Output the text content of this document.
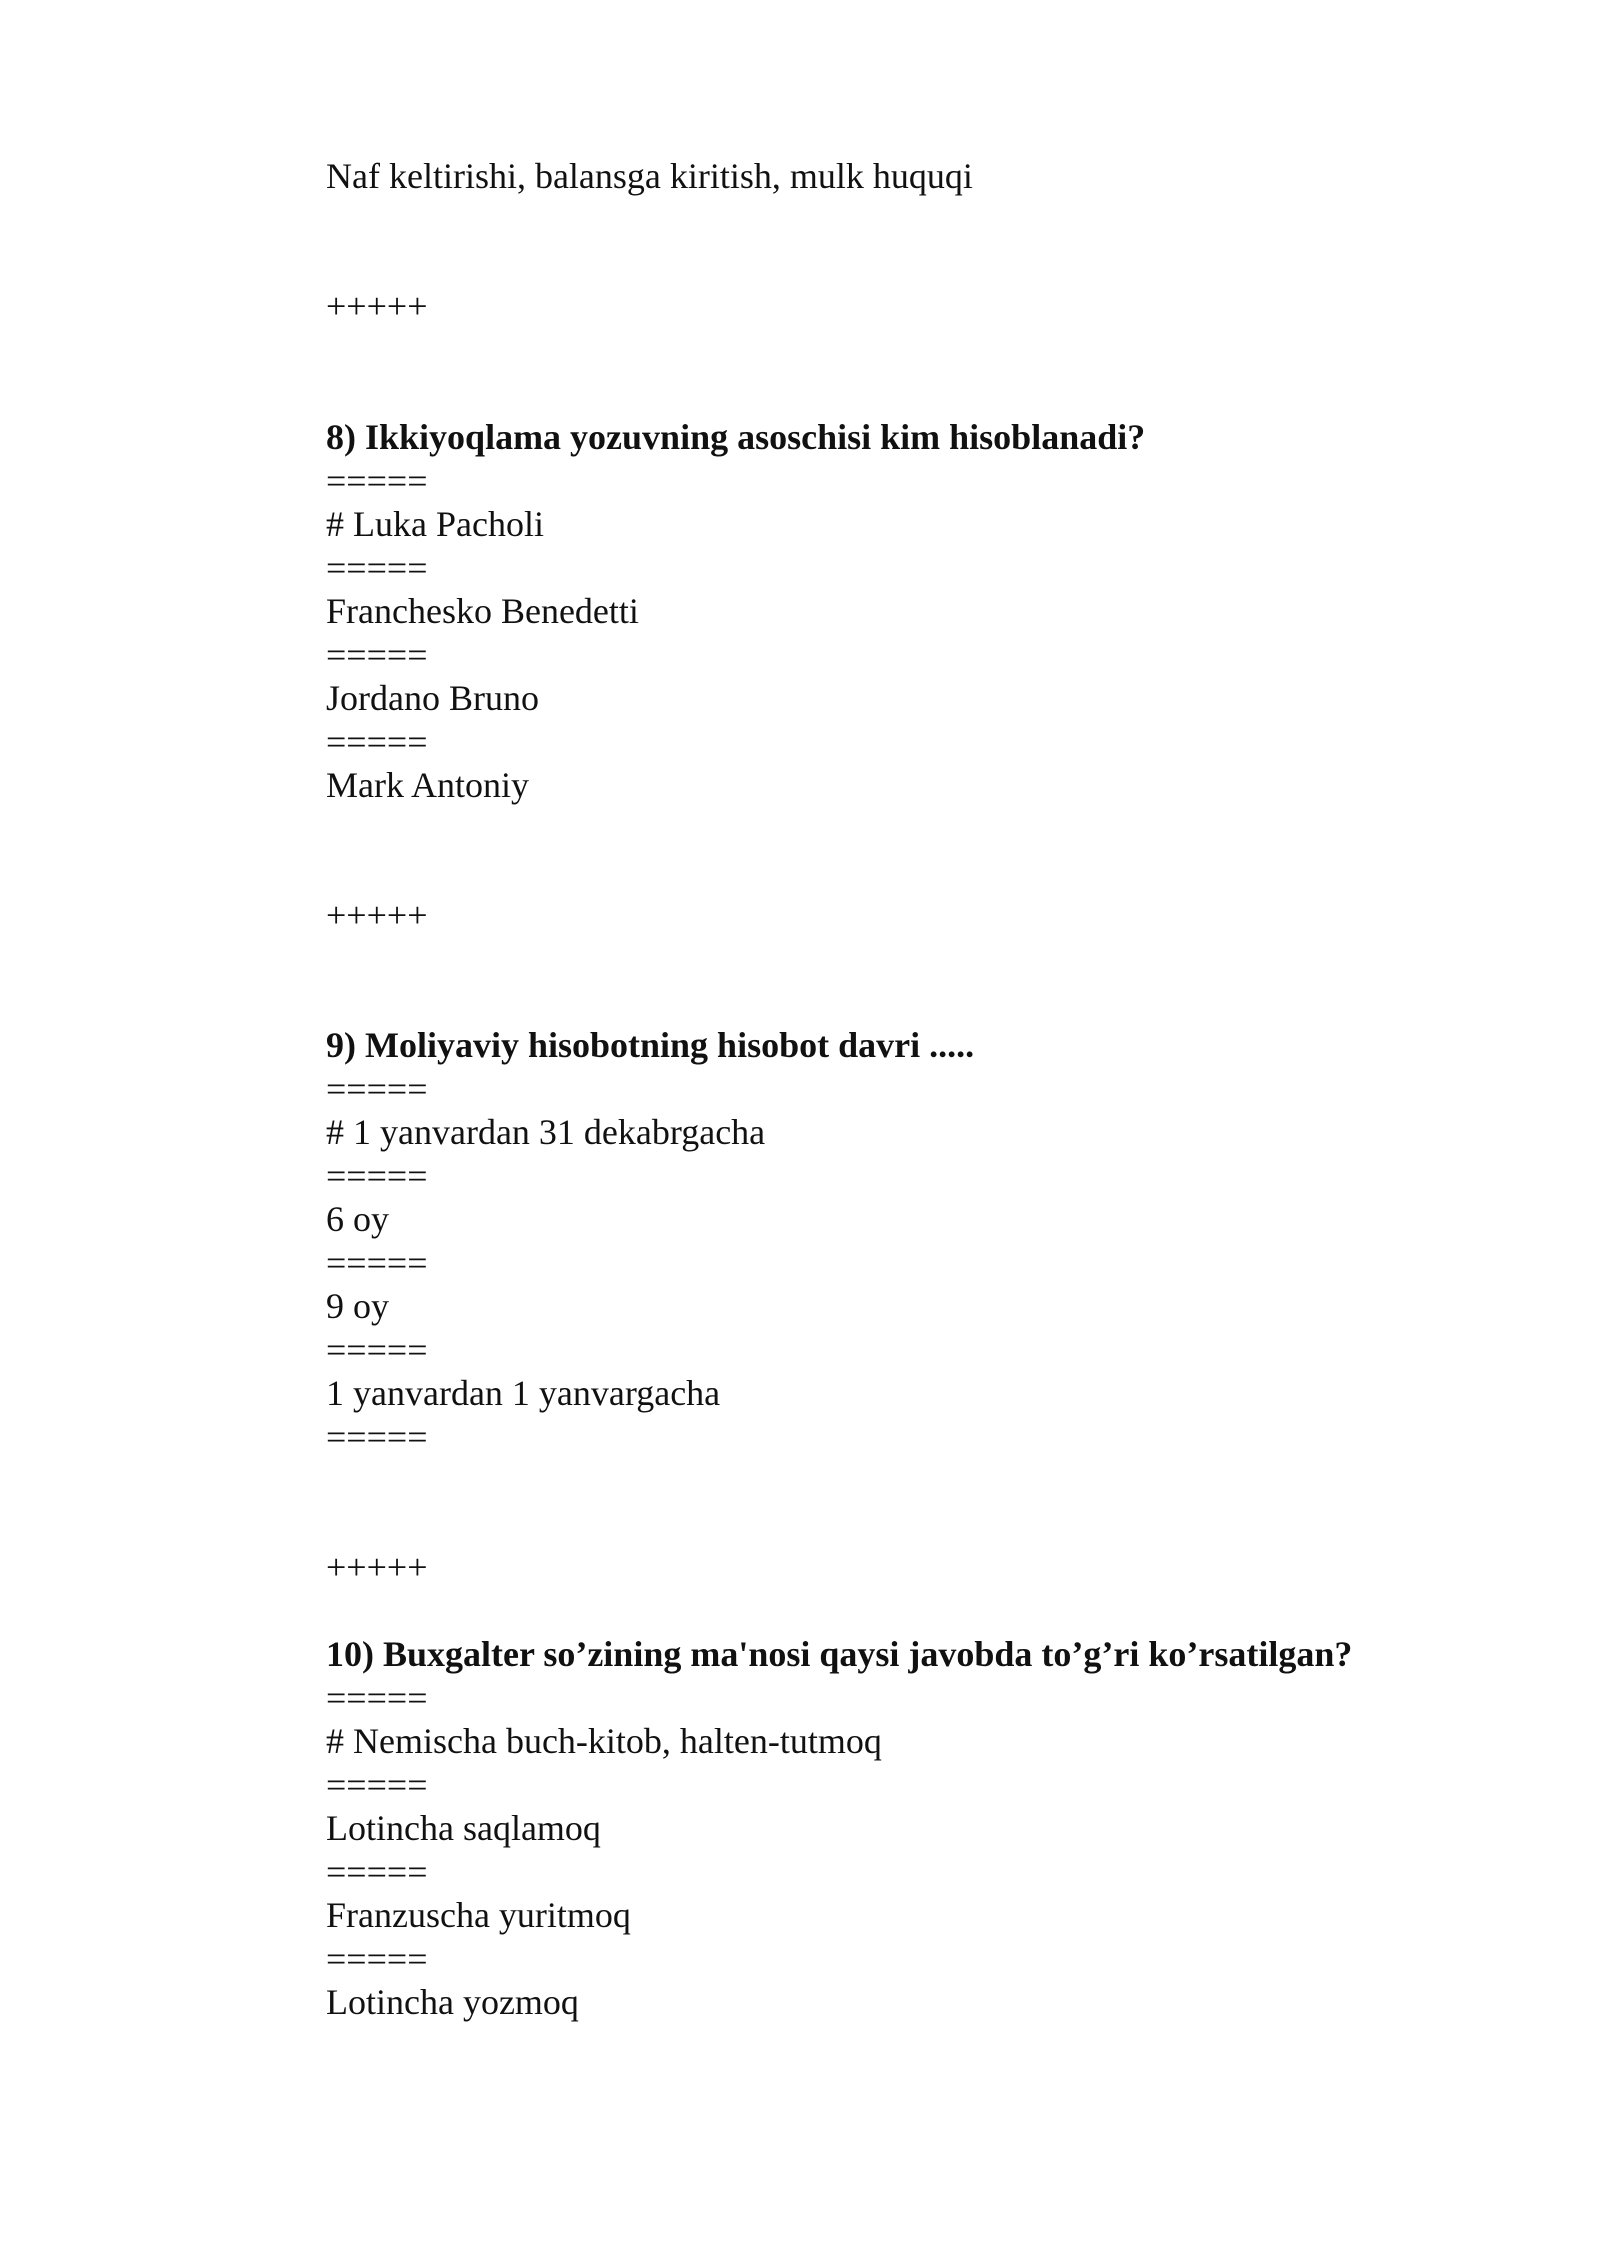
Naf keltirishi, balansga kiritish, mulk huquqi
+++++
8) Ikkiyoqlama yozuvning asoschisi kim hisoblanadi?
=====
# Luka Pacholi
=====
Franchesko Benedetti
=====
Jordano Bruno
=====
Mark Antoniy
+++++
9) Moliyaviy hisobotning hisobot davri .....
=====
# 1 yanvardan 31 dekabrgacha
=====
6 oy
=====
9 oy
=====
1 yanvardan 1 yanvargacha
=====
+++++
10) Buxgalter so’zining ma'nosi qaysi javobda to’g’ri ko’rsatilgan?
=====
# Nemischa buch-kitob, halten-tutmoq
=====
Lotincha saqlamoq
=====
Franzuscha yuritmoq
=====
Lotincha yozmoq
